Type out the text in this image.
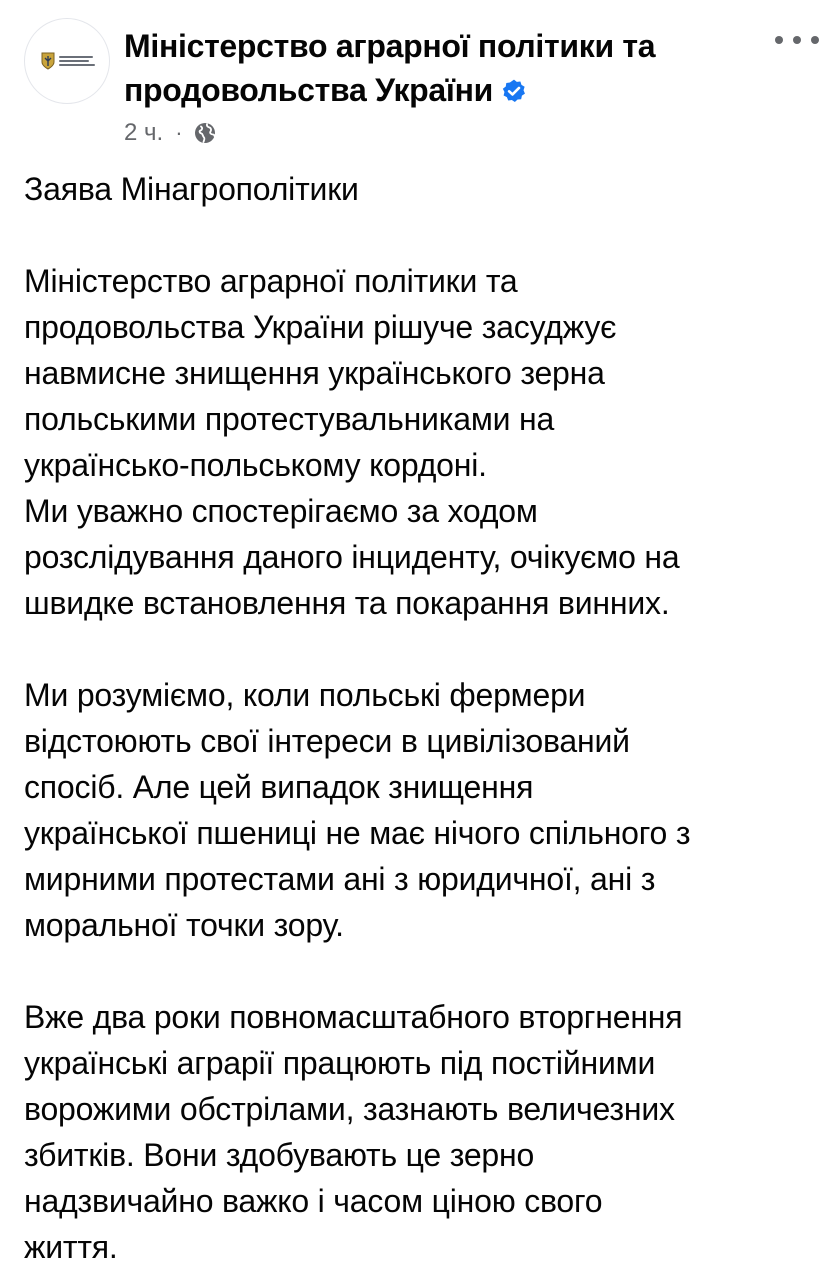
Міністерство аграрної політики та продовольства України
2 ч. ·

Заява Мінагрополітики

Міністерство аграрної політики та
продовольства України рішуче засуджує
навмисне знищення українського зерна
польськими протестувальниками на
українсько-польському кордоні.
Ми уважно спостерігаємо за ходом
розслідування даного інциденту, очікуємо на
швидке встановлення та покарання винних.

Ми розуміємо, коли польські фермери
відстоюють свої інтереси в цивілізований
спосіб. Але цей випадок знищення
української пшениці не має нічого спільного з
мирними протестами ані з юридичної, ані з
моральної точки зору.

Вже два роки повномасштабного вторгнення
українські аграрії працюють під постійними
ворожими обстрілами, зазнають величезних
збитків. Вони здобувають це зерно
надзвичайно важко і часом ціною свого
життя.
